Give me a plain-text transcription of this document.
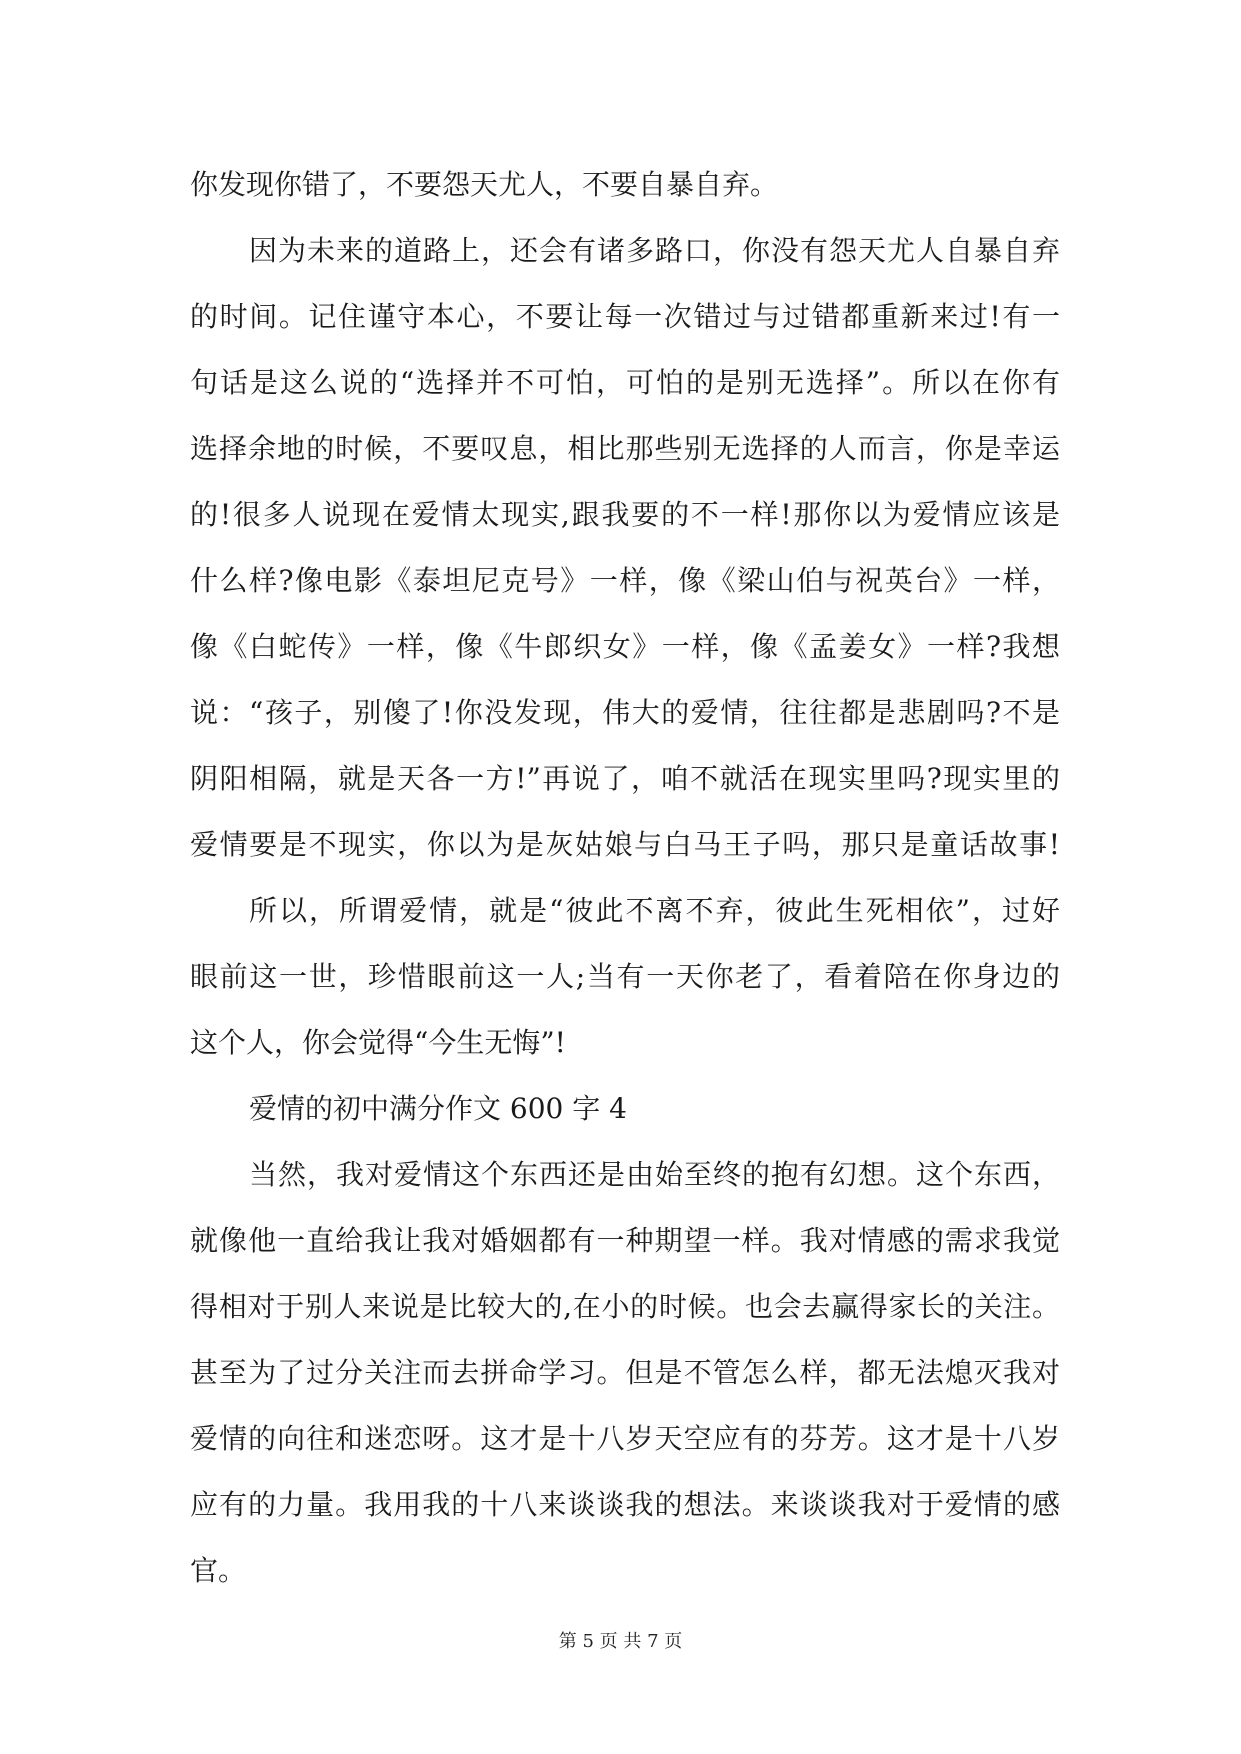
你发现你错了，不要怨天尤人，不要自暴自弃。
因为未来的道路上，还会有诸多路口，你没有怨天尤人自暴自弃
的时间。记住谨守本心，不要让每一次错过与过错都重新来过!有一
句话是这么说的“选择并不可怕，可怕的是别无选择”。所以在你有
选择余地的时候，不要叹息，相比那些别无选择的人而言，你是幸运
的!很多人说现在爱情太现实,跟我要的不一样!那你以为爱情应该是
什么样?像电影《泰坦尼克号》一样，像《梁山伯与祝英台》一样，
像《白蛇传》一样，像《牛郎织女》一样，像《孟姜女》一样?我想
说：“孩子，别傻了!你没发现，伟大的爱情，往往都是悲剧吗?不是
阴阳相隔，就是天各一方!”再说了，咱不就活在现实里吗?现实里的
爱情要是不现实，你以为是灰姑娘与白马王子吗，那只是童话故事!
所以，所谓爱情，就是“彼此不离不弃，彼此生死相依”，过好
眼前这一世，珍惜眼前这一人;当有一天你老了，看着陪在你身边的
这个人，你会觉得“今生无悔”!
爱情的初中满分作文 600 字 4
当然，我对爱情这个东西还是由始至终的抱有幻想。这个东西，
就像他一直给我让我对婚姻都有一种期望一样。我对情感的需求我觉
得相对于别人来说是比较大的,在小的时候。也会去赢得家长的关注。
甚至为了过分关注而去拼命学习。但是不管怎么样，都无法熄灭我对
爱情的向往和迷恋呀。这才是十八岁天空应有的芬芳。这才是十八岁
应有的力量。我用我的十八来谈谈我的想法。来谈谈我对于爱情的感
官。
第 5 页 共 7 页
